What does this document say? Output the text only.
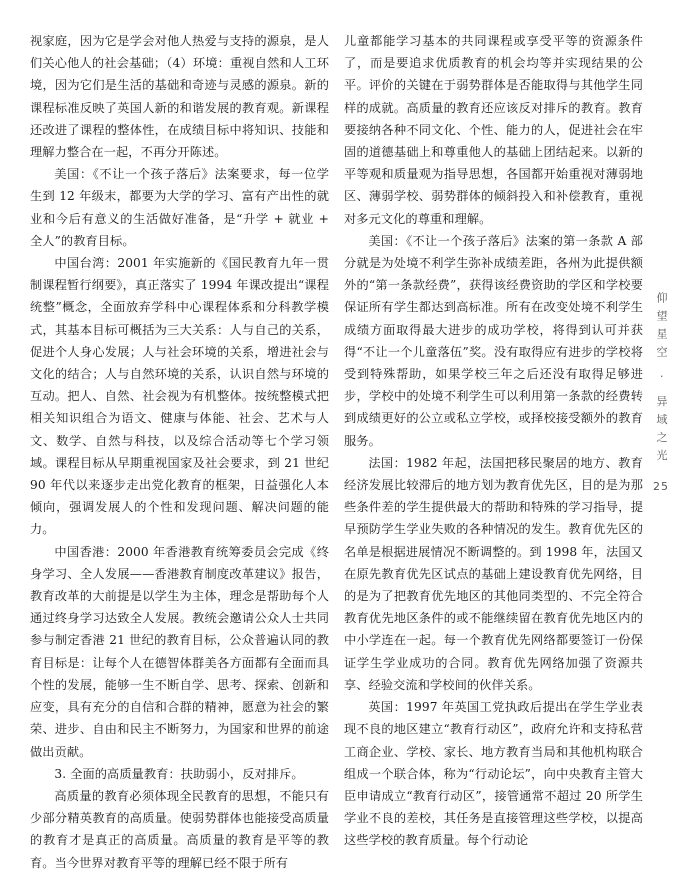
视家庭，因为它是学会对他人热爱与支持的源泉，是人们关心他人的社会基础；（4）环境：重视自然和人工环境，因为它们是生活的基础和奇迹与灵感的源泉。新的课程标准反映了英国人新的和谐发展的教育观。新课程还改进了课程的整体性，在成绩目标中将知识、技能和理解力整合在一起，不再分开陈述。

美国：《不让一个孩子落后》法案要求，每一位学生到 12 年级末，都要为大学的学习、富有产出性的就业和今后有意义的生活做好准备，是“升学 + 就业 + 全人”的教育目标。

中国台湾：2001 年实施新的《国民教育九年一贯制课程暂行纲要》，真正落实了 1994 年课改提出“课程统整”概念，全面放弃学科中心课程体系和分科教学模式，其基本目标可概括为三大关系：人与自己的关系，促进个人身心发展；人与社会环境的关系，增进社会与文化的结合；人与自然环境的关系，认识自然与环境的互动。把人、自然、社会视为有机整体。按统整模式把相关知识组合为语文、健康与体能、社会、艺术与人文、数学、自然与科技，以及综合活动等七个学习领域。课程目标从早期重视国家及社会要求，到 21 世纪 90 年代以来逐步走出党化教育的框架，日益强化人本倾向，强调发展人的个性和发现问题、解决问题的能力。

中国香港：2000 年香港教育统筹委员会完成《终身学习、全人发展——香港教育制度改革建议》报告，教育改革的大前提是以学生为主体，理念是帮助每个人通过终身学习达致全人发展。教统会邀请公众人士共同参与制定香港 21 世纪的教育目标，公众普遍认同的教育目标是：让每个人在德智体群美各方面都有全面而具个性的发展，能够一生不断自学、思考、探索、创新和应变，具有充分的自信和合群的精神，愿意为社会的繁荣、进步、自由和民主不断努力，为国家和世界的前途做出贡献。

3. 全面的高质量教育：扶助弱小，反对排斥。

高质量的教育必须体现全民教育的思想，不能只有少部分精英教育的高质量。使弱势群体也能接受高质量的教育才是真正的高质量。高质量的教育是平等的教育。当今世界对教育平等的理解已经不限于所有

儿童都能学习基本的共同课程或享受平等的资源条件了，而是要追求优质教育的机会均等并实现结果的公平。评价的关键在于弱势群体是否能取得与其他学生同样的成就。高质量的教育还应该反对排斥的教育。教育要接纳各种不同文化、个性、能力的人，促进社会在牢固的道德基础上和尊重他人的基础上团结起来。以新的平等观和质量观为指导思想，各国都开始重视对薄弱地区、薄弱学校、弱势群体的倾斜投入和补偿教育，重视对多元文化的尊重和理解。

美国：《不让一个孩子落后》法案的第一条款 A 部分就是为处境不利学生弥补成绩差距，各州为此提供额外的“第一条款经费”，获得该经费资助的学区和学校要保证所有学生都达到高标准。所有在改变处境不利学生成绩方面取得最大进步的成功学校，将得到认可并获得“不让一个儿童落伍”奖。没有取得应有进步的学校将受到特殊帮助，如果学校三年之后还没有取得足够进步，学校中的处境不利学生可以利用第一条款的经费转到成绩更好的公立或私立学校，或择校接受额外的教育服务。

法国：1982 年起，法国把移民聚居的地方、教育经济发展比较滞后的地方划为教育优先区，目的是为那些条件差的学生提供最大的帮助和特殊的学习指导，提早预防学生学业失败的各种情况的发生。教育优先区的名单是根据进展情况不断调整的。到 1998 年，法国又在原先教育优先区试点的基础上建设教育优先网络，目的是为了把教育优先地区的其他同类型的、不完全符合教育优先地区条件的或不能继续留在教育优先地区内的中小学连在一起。每一个教育优先网络都要签订一份保证学生学业成功的合同。教育优先网络加强了资源共享、经验交流和学校间的伙伴关系。

英国：1997 年英国工党执政后提出在学生学业表现不良的地区建立“教育行动区”，政府允许和支持私营工商企业、学校、家长、地方教育当局和其他机构联合组成一个联合体，称为“行动论坛”，向中央教育主管大臣申请成立“教育行动区”，接管通常不超过 20 所学生学业不良的差校，其任务是直接管理这些学校，以提高这些学校的教育质量。每个行动论

仰望星空 · 异域之光
25
